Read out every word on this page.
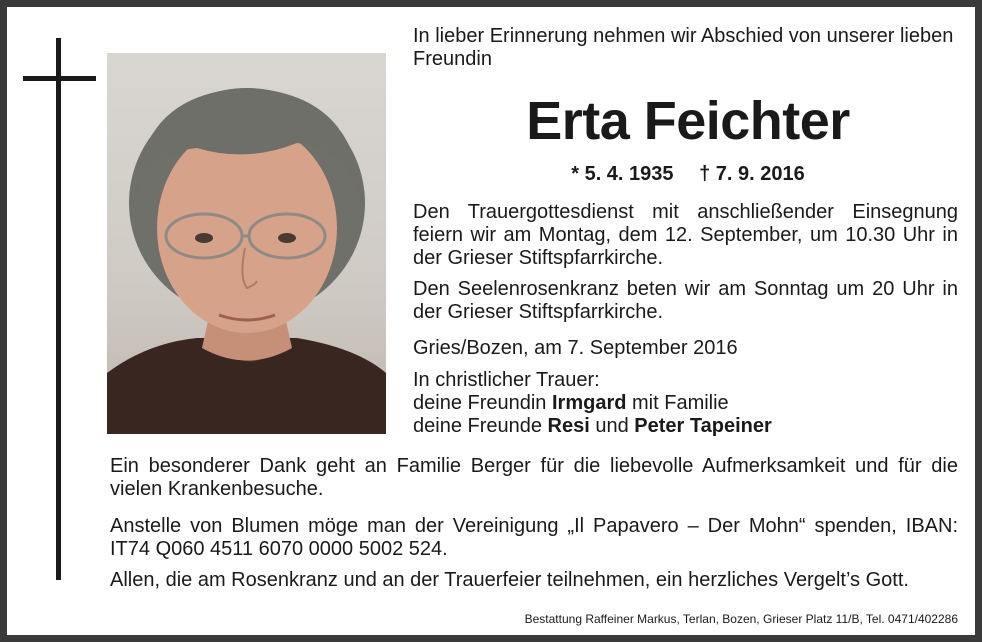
In lieber Erinnerung nehmen wir Abschied von unserer lieben Freundin
Erta Feichter
* 5. 4. 1935 † 7. 9. 2016
Den Trauergottesdienst mit anschließender Einsegnung feiern wir am Montag, dem 12. September, um 10.30 Uhr in der Grieser Stiftspfarrkirche.
Den Seelenrosenkranz beten wir am Sonntag um 20 Uhr in der Grieser Stiftspfarrkirche.
Gries/Bozen, am 7. September 2016
In christlicher Trauer:
deine Freundin Irmgard mit Familie
deine Freunde Resi und Peter Tapeiner
Ein besonderer Dank geht an Familie Berger für die liebevolle Aufmerksamkeit und für die vielen Krankenbesuche.
Anstelle von Blumen möge man der Vereinigung „Il Papavero – Der Mohn“ spenden, IBAN: IT74 Q060 4511 6070 0000 5002 524.
Allen, die am Rosenkranz und an der Trauerfeier teilnehmen, ein herzliches Vergelt’s Gott.
Bestattung Raffeiner Markus, Terlan, Bozen, Grieser Platz 11/B, Tel. 0471/402286
